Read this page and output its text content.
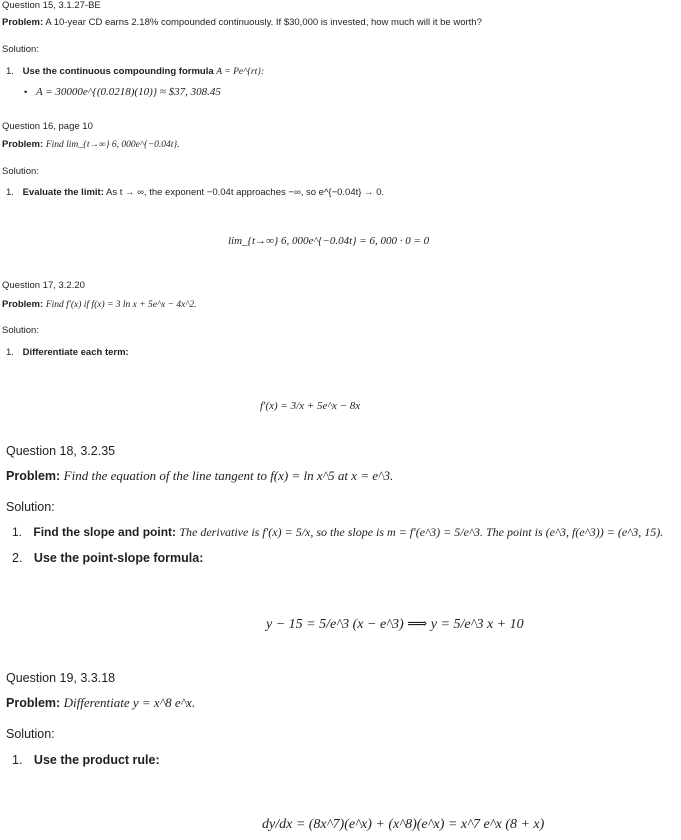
Question 15, 3.1.27-BE
Problem: A 10-year CD earns 2.18% compounded continuously. If $30,000 is invested, how much will it be worth?
Solution:
1. Use the continuous compounding formula A = Pe^{rt}:
• A = 30000e^{(0.0218)(10)} ≈ $37, 308.45
Question 16, page 10
Problem: Find lim_{t→∞} 6, 000e^{−0.04t}.
Solution:
1. Evaluate the limit: As t → ∞, the exponent −0.04t approaches −∞, so e^{−0.04t} → 0.
lim_{t→∞} 6, 000e^{−0.04t} = 6, 000 · 0 = 0
Question 17, 3.2.20
Problem: Find f′(x) if f(x) = 3 ln x + 5e^x − 4x^2.
Solution:
1. Differentiate each term:
f′(x) = 3/x + 5e^x − 8x
Question 18, 3.2.35
Problem: Find the equation of the line tangent to f(x) = ln x^5 at x = e^3.
Solution:
1. Find the slope and point: The derivative is f′(x) = 5/x, so the slope is m = f′(e^3) = 5/e^3. The point is (e^3, f(e^3)) = (e^3, 15).
2. Use the point-slope formula:
y − 15 = 5/e^3 (x − e^3) ⟹ y = 5/e^3 x + 10
Question 19, 3.3.18
Problem: Differentiate y = x^8 e^x.
Solution:
1. Use the product rule:
dy/dx = (8x^7)(e^x) + (x^8)(e^x) = x^7 e^x (8 + x)
